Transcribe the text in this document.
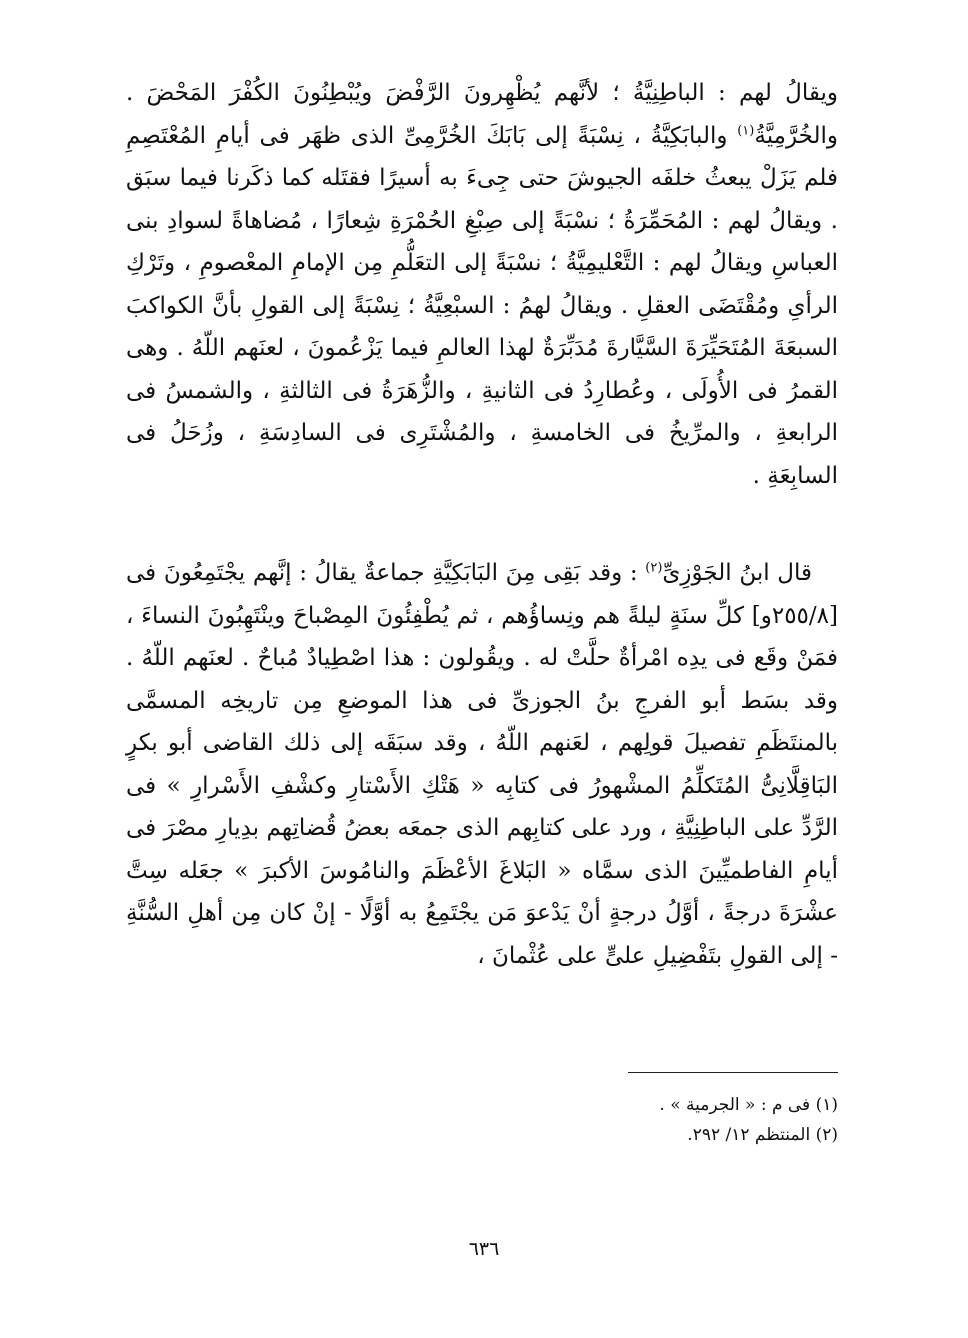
ويقالُ لهم : الباطِنِيَّةُ ؛ لأنَّهم يُظْهِرونَ الرَّفْضَ ويُبْطِنُونَ الكُفْرَ المَحْضَ . والخُرَّمِيَّةُ$^{(١)}$ والبابَكِيَّةُ ، نِسْبَةً إلى بَابَكَ الخُرَّمِىِّ الذى ظهَر فى أيامِ المُعْتَصِمِ فلم يَزَلْ يبعثُ خلفَه الجيوشَ حتى جِىءَ به أسيرًا فقتَله كما ذكَرنا فيما سبَق . ويقالُ لهم : المُحَمِّرَةُ ؛ نسْبَةً إلى صِبْغِ الحُمْرَةِ شِعارًا ، مُضاهاةً لسوادِ بنى العباسِ ويقالُ لهم : التَّعْليمِيَّةُ ؛ نسْبَةً إلى التعَلُّمِ مِن الإمامِ المعْصومِ ، وتَرْكِ الرأىِ ومُقْتَضَى العقلِ . ويقالُ لهمُ : السبْعِيَّةُ ؛ نِسْبَةً إلى القولِ بأنَّ الكواكبَ السبعَةَ المُتَحَيِّرَةَ السَّيَّارةَ مُدَبِّرَةٌ لهذا العالمِ فيما يَزْعُمونَ ، لعنَهم اللّهُ . وهى القمرُ فى الأُولَى ، وعُطارِدُ فى الثانيةِ ، والزُّهَرَةُ فى الثالثةِ ، والشمسُ فى الرابعةِ ، والمرِّيخُ فى الخامسةِ ، والمُشْتَرِى فى السادِسَةِ ، وزُحَلُ فى السابِعَةِ .

قال ابنُ الجَوْزِىِّ$^{(٢)}$ : وقد بَقِى مِنَ البَابَكِيَّةِ جماعةٌ يقالُ : إنَّهم يجْتَمِعُونَ فى [٢٥٥/٨و] كلِّ سنَةٍ ليلةً هم ونِساؤُهم ، ثم يُطْفِئُونَ المِصْباحَ وينْتَهِبُونَ النساءَ ، فمَنْ وقَع فى يدِه امْرأةٌ حلَّتْ له . ويقُولون : هذا اصْطِيادٌ مُباحٌ . لعنَهم اللّهُ . وقد بسَط أبو الفرجِ بنُ الجوزىِّ فى هذا الموضعِ مِن تاريخِه المسمَّى بالمنتَظَمِ تفصيلَ قولِهم ، لعَنهم اللّهُ ، وقد سبَقَه إلى ذلك القاضى أبو بكرٍ البَاقِلَّانِىُّ المُتَكلِّمُ المشْهورُ فى كتابِه « هَتْكِ الأَسْتارِ وكشْفِ الأَسْرارِ » فى الرَّدِّ على الباطِنِيَّةِ ، ورد على كتابِهم الذى جمعَه بعضُ قُضاتِهم بدِيارِ مصْرَ فى أيامِ الفاطميِّينَ الذى سمَّاه « البَلاغَ الأعْظَمَ والنامُوسَ الأكبرَ » جعَله سِتَّ عشْرَةَ درجةً ، أوَّلُ درجةٍ أنْ يَدْعوَ مَن يجْتَمِعُ به أوَّلًا - إنْ كان مِن أهلِ السُّنَّةِ - إلى القولِ بتَفْضِيلِ علىٍّ على عُثْمانَ ،

(١) فى م : « الجرمية » .
(٢) المنتظم ١٢/ ٢٩٢.
٦٣٦
